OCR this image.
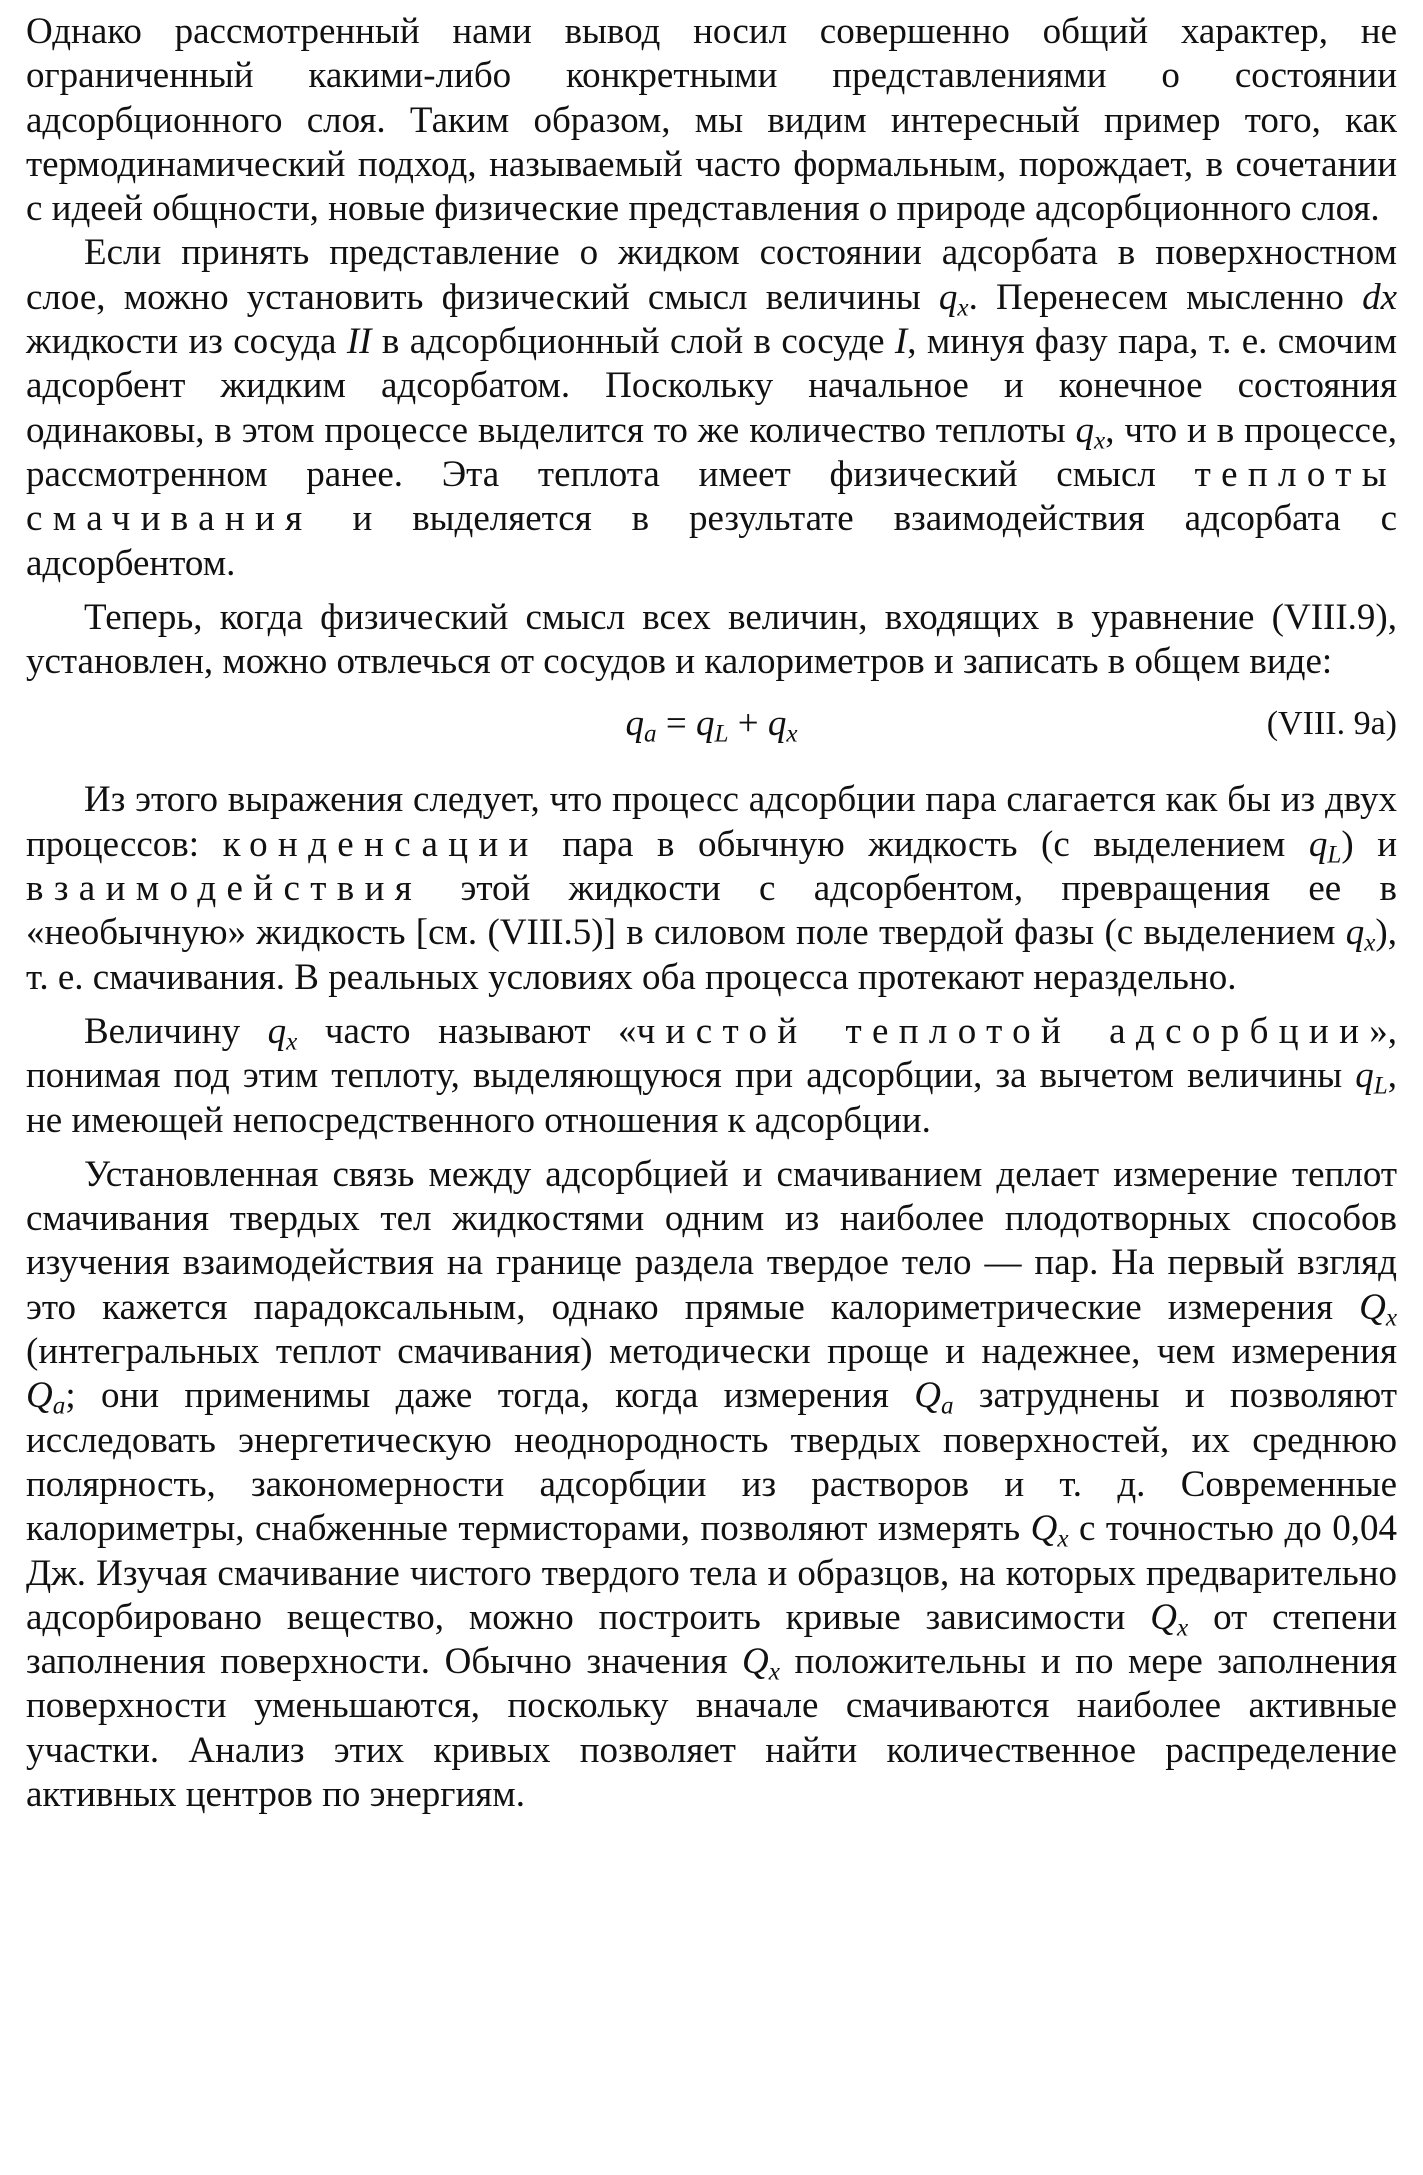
Однако рассмотренный нами вывод носил совершенно общий характер, не ограниченный какими-либо конкретными представлениями о состоянии адсорбционного слоя. Таким образом, мы видим интересный пример того, как термодинамический подход, называемый часто формальным, порождает, в сочетании с идеей общности, новые физические представления о природе адсорбционного слоя.

Если принять представление о жидком состоянии адсорбата в поверхностном слое, можно установить физический смысл величины $q_x$. Перенесем мысленно dx жидкости из сосуда II в адсорбционный слой в сосуде I, минуя фазу пара, т. е. смочим адсорбент жидким адсорбатом. Поскольку начальное и конечное состояния одинаковы, в этом процессе выделится то же количество теплоты $q_x$, что и в процессе, рассмотренном ранее. Эта теплота имеет физический смысл теплоты смачивания и выделяется в результате взаимодействия адсорбата с адсорбентом.

Теперь, когда физический смысл всех величин, входящих в уравнение (VIII.9), установлен, можно отвлечься от сосудов и калориметров и записать в общем виде:

$q_a = q_L + q_x$	(VIII. 9a)

Из этого выражения следует, что процесс адсорбции пара слагается как бы из двух процессов: конденсации пара в обычную жидкость (с выделением $q_L$) и взаимодействия этой жидкости с адсорбентом, превращения ее в «необычную» жидкость [см. (VIII.5)] в силовом поле твердой фазы (с выделением $q_x$), т. е. смачивания. В реальных условиях оба процесса протекают нераздельно.

Величину $q_x$ часто называют «чистой теплотой адсорбции», понимая под этим теплоту, выделяющуюся при адсорбции, за вычетом величины $q_L$, не имеющей непосредственного отношения к адсорбции.

Установленная связь между адсорбцией и смачиванием делает измерение теплот смачивания твердых тел жидкостями одним из наиболее плодотворных способов изучения взаимодействия на границе раздела твердое тело — пар. На первый взгляд это кажется парадоксальным, однако прямые калориметрические измерения $Q_x$ (интегральных теплот смачивания) методически проще и надежнее, чем измерения $Q_a$; они применимы даже тогда, когда измерения $Q_a$ затруднены и позволяют исследовать энергетическую неоднородность твердых поверхностей, их среднюю полярность, закономерности адсорбции из растворов и т. д. Современные калориметры, снабженные термисторами, позволяют измерять $Q_x$ с точностью до 0,04 Дж. Изучая смачивание чистого твердого тела и образцов, на которых предварительно адсорбировано вещество, можно построить кривые зависимости $Q_x$ от степени заполнения поверхности. Обычно значения $Q_x$ положительны и по мере заполнения поверхности уменьшаются, поскольку вначале смачиваются наиболее активные участки. Анализ этих кривых позволяет найти количественное распределение активных центров по энергиям.
